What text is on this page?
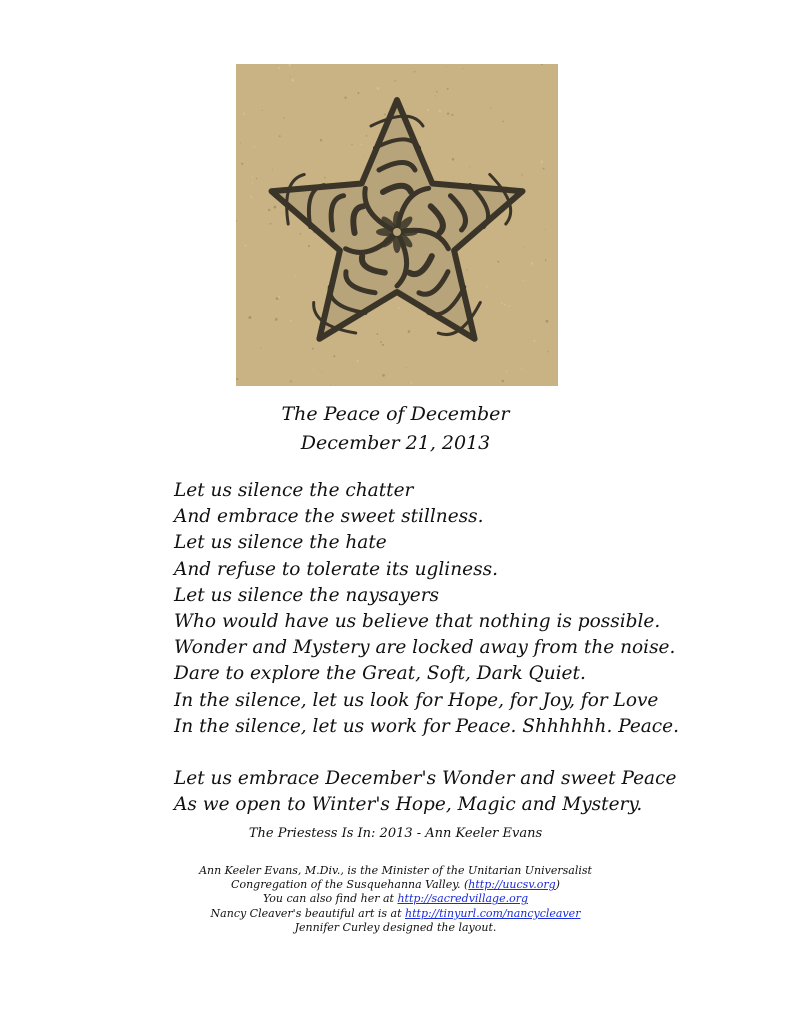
The Peace of December
December 21, 2013
Let us silence the chatter
And embrace the sweet stillness.
Let us silence the hate
And refuse to tolerate its ugliness.
Let us silence the naysayers
Who would have us believe that nothing is possible.
Wonder and Mystery are locked away from the noise.
Dare to explore the Great, Soft, Dark Quiet.
In the silence, let us look for Hope, for Joy, for Love
In the silence, let us work for Peace. Shhhhhh. Peace.
Let us embrace December's Wonder and sweet Peace
As we open to Winter's Hope, Magic and Mystery.
The Priestess Is In: 2013 - Ann Keeler Evans
Ann Keeler Evans, M.Div., is the Minister of the Unitarian Universalist
Congregation of the Susquehanna Valley. (http://uucsv.org)
You can also find her at http://sacredvillage.org
Nancy Cleaver's beautiful art is at http://tinyurl.com/nancycleaver
Jennifer Curley designed the layout.
